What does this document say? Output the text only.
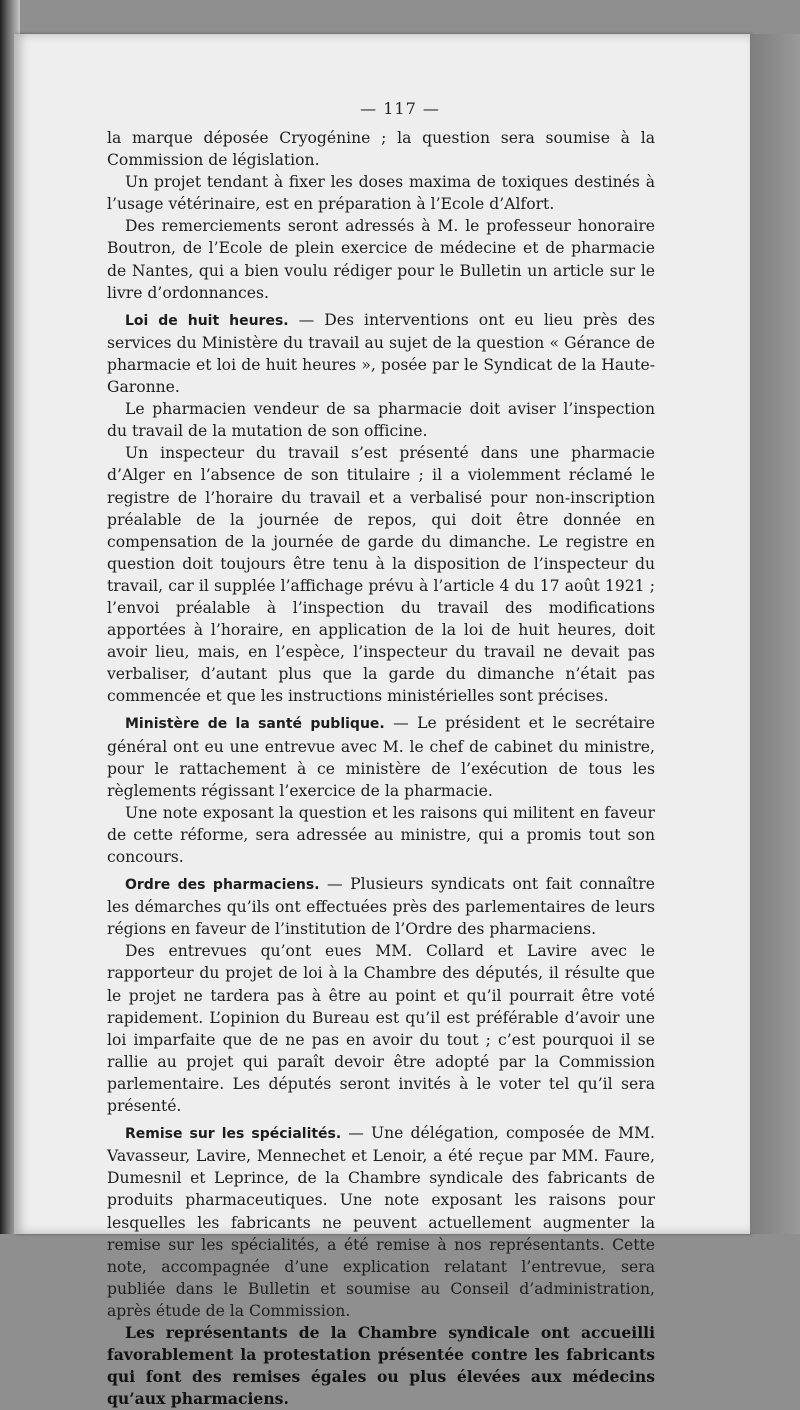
— 117 —

la marque déposée Cryogénine ; la question sera soumise à la Commission de législation.

Un projet tendant à fixer les doses maxima de toxiques destinés à l’usage vétérinaire, est en préparation à l’Ecole d’Alfort.

Des remerciements seront adressés à M. le professeur honoraire Boutron, de l’Ecole de plein exercice de médecine et de pharmacie de Nantes, qui a bien voulu rédiger pour le Bulletin un article sur le livre d’ordonnances.

Loi de huit heures. — Des interventions ont eu lieu près des services du Ministère du travail au sujet de la question « Gérance de pharmacie et loi de huit heures », posée par le Syndicat de la Haute-Garonne.

Le pharmacien vendeur de sa pharmacie doit aviser l’inspection du travail de la mutation de son officine.

Un inspecteur du travail s’est présenté dans une pharmacie d’Alger en l’absence de son titulaire ; il a violemment réclamé le registre de l’horaire du travail et a verbalisé pour non-inscription préalable de la journée de repos, qui doit être donnée en compensation de la journée de garde du dimanche. Le registre en question doit toujours être tenu à la disposition de l’inspecteur du travail, car il supplée l’affichage prévu à l’article 4 du 17 août 1921 ; l’envoi préalable à l’inspection du travail des modifications apportées à l’horaire, en application de la loi de huit heures, doit avoir lieu, mais, en l’espèce, l’inspecteur du travail ne devait pas verbaliser, d’autant plus que la garde du dimanche n’était pas commencée et que les instructions ministérielles sont précises.

Ministère de la santé publique. — Le président et le secrétaire général ont eu une entrevue avec M. le chef de cabinet du ministre, pour le rattachement à ce ministère de l’exécution de tous les règlements régissant l’exercice de la pharmacie.

Une note exposant la question et les raisons qui militent en faveur de cette réforme, sera adressée au ministre, qui a promis tout son concours.

Ordre des pharmaciens. — Plusieurs syndicats ont fait connaître les démarches qu’ils ont effectuées près des parlementaires de leurs régions en faveur de l’institution de l’Ordre des pharmaciens.

Des entrevues qu’ont eues MM. Collard et Lavire avec le rapporteur du projet de loi à la Chambre des députés, il résulte que le projet ne tardera pas à être au point et qu’il pourrait être voté rapidement. L’opinion du Bureau est qu’il est préférable d’avoir une loi imparfaite que de ne pas en avoir du tout ; c’est pourquoi il se rallie au projet qui paraît devoir être adopté par la Commission parlementaire. Les députés seront invités à le voter tel qu’il sera présenté.

Remise sur les spécialités. — Une délégation, composée de MM. Vavasseur, Lavire, Mennechet et Lenoir, a été reçue par MM. Faure, Dumesnil et Leprince, de la Chambre syndicale des fabricants de produits pharmaceutiques. Une note exposant les raisons pour lesquelles les fabricants ne peuvent actuellement augmenter la remise sur les spécialités, a été remise à nos représentants. Cette note, accompagnée d’une explication relatant l’entrevue, sera publiée dans le Bulletin et soumise au Conseil d’administration, après étude de la Commission.

Les représentants de la Chambre syndicale ont accueilli favorablement la protestation présentée contre les fabricants qui font des remises égales ou plus élevées aux médecins qu’aux pharmaciens.
